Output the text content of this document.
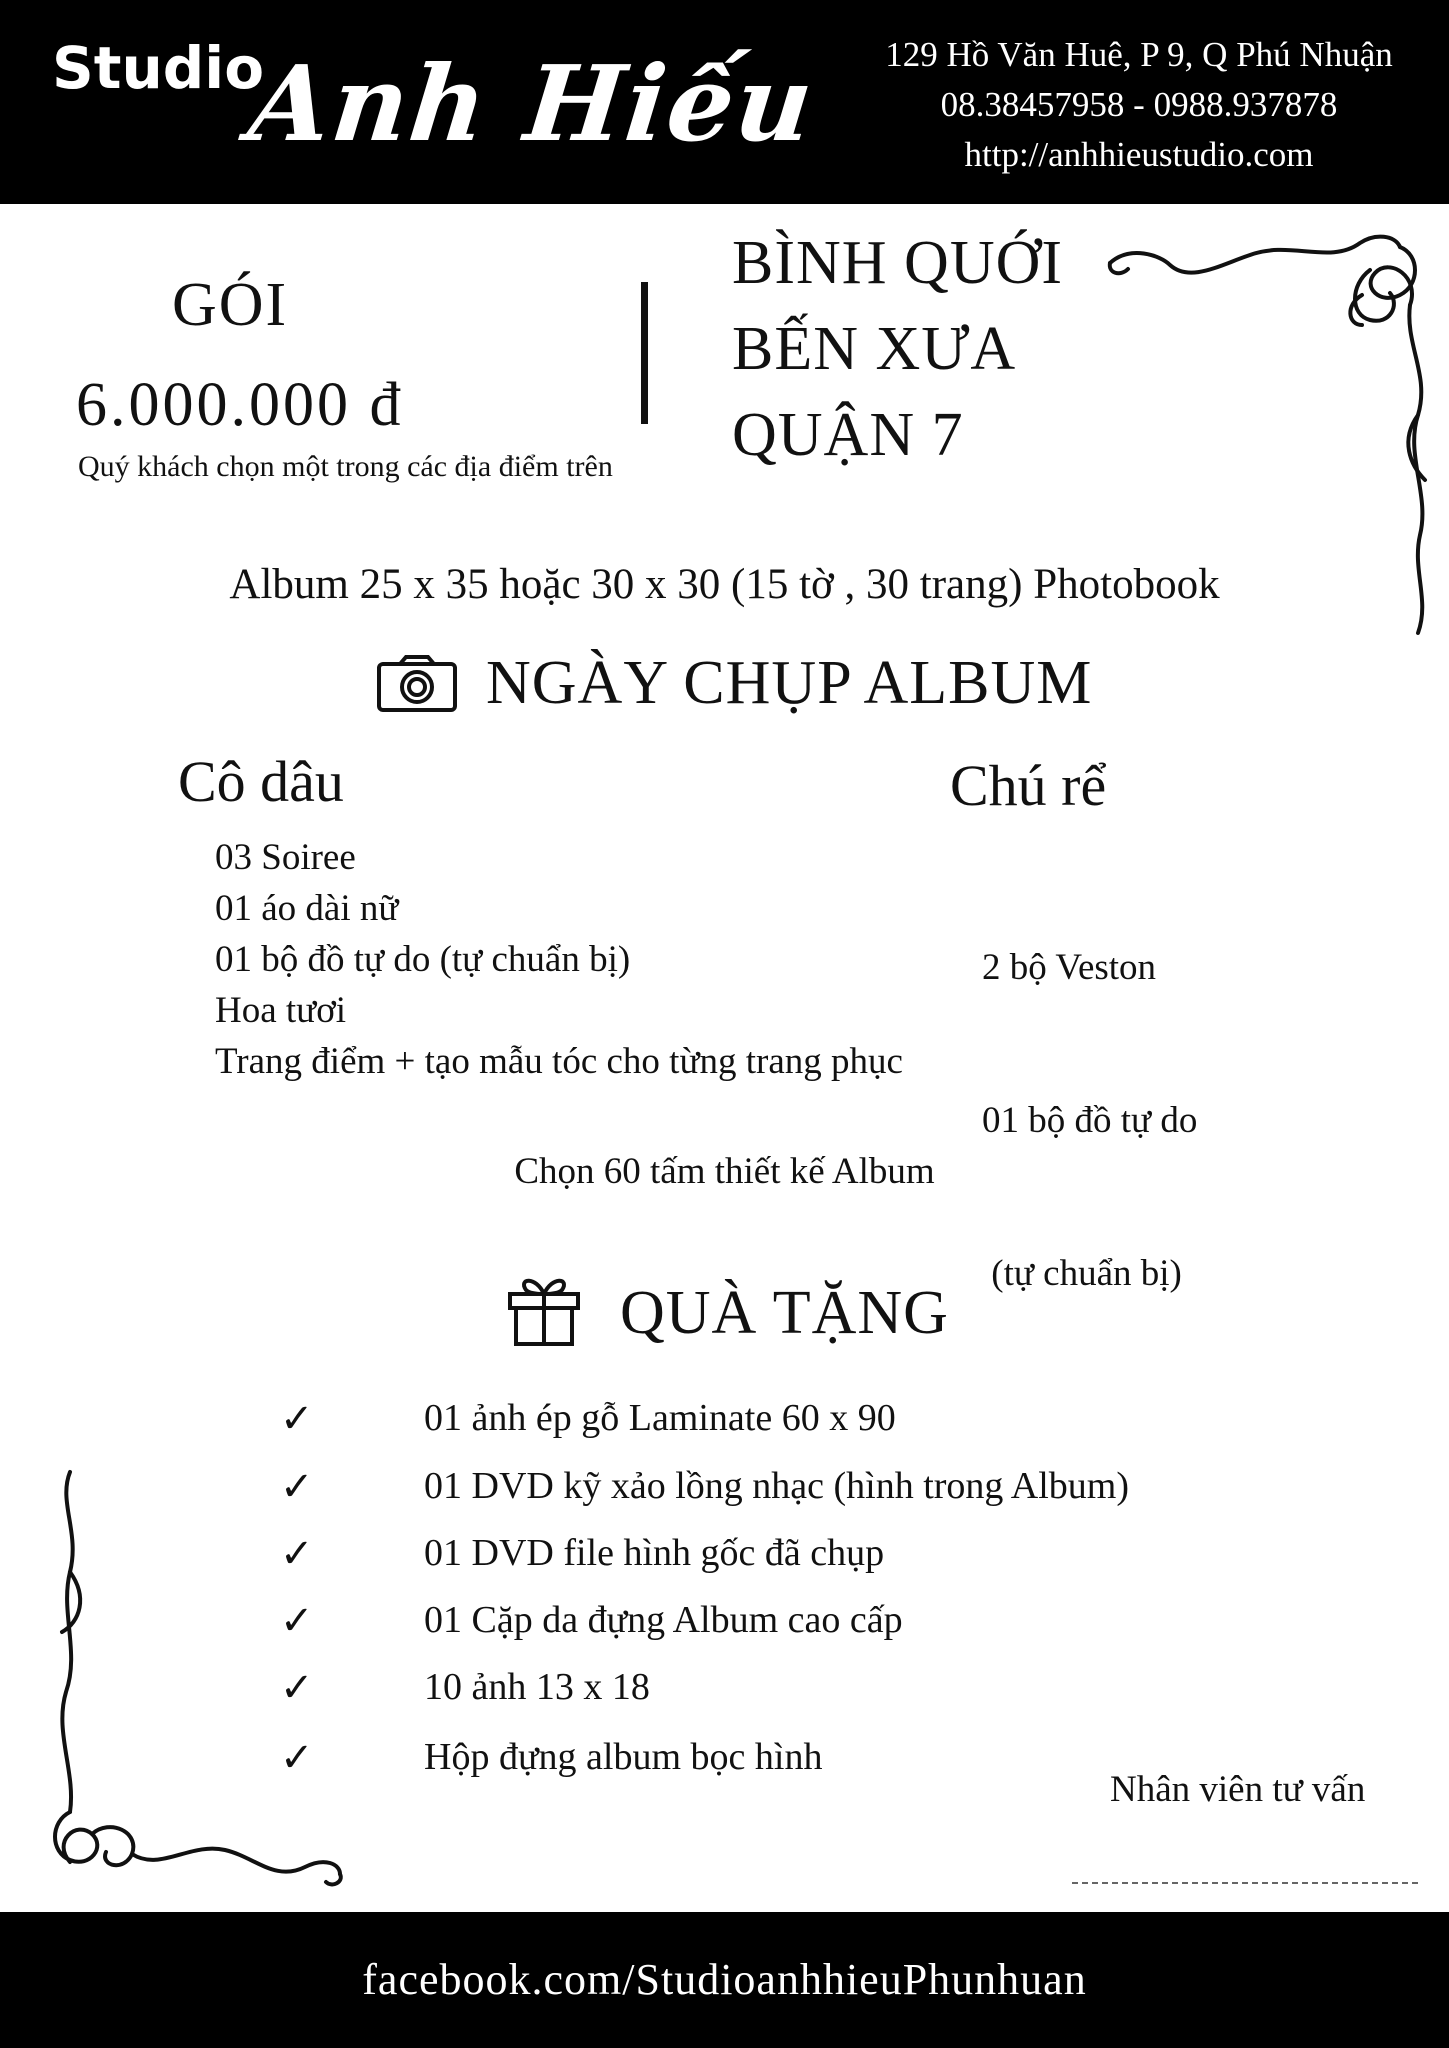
Studio
Anh Hiếu	129 Hồ Văn Huê, P 9, Q Phú Nhuận
08.38457958 - 0988.937878
http://anhhieustudio.com
GÓI
6.000.000 đ
Quý khách chọn một trong các địa điểm trên
BÌNH QUỚI
BẾN XƯA
QUẬN 7
Album 25 x 35 hoặc 30 x 30 (15 tờ , 30 trang) Photobook
NGÀY CHỤP ALBUM
Cô dâu
03 Soiree
01 áo dài nữ
01 bộ đồ tự do (tự chuẩn bị)
Hoa tươi
Trang điểm + tạo mẫu tóc cho từng trang phục
Chú rể

2 bộ Veston

01 bộ đồ tự do

(tự chuẩn bị)

Chọn 60 tấm thiết kế Album
QUÀ TẶNG
✓	01 ảnh ép gỗ Laminate 60 x 90
✓	01 DVD kỹ xảo lồng nhạc (hình trong Album)
✓	01 DVD file hình gốc đã chụp
✓	01 Cặp da đựng Album cao cấp
✓	10 ảnh 13 x 18
✓	Hộp đựng album bọc hình
Nhân viên tư vấn
facebook.com/StudioanhhieuPhunhuan
